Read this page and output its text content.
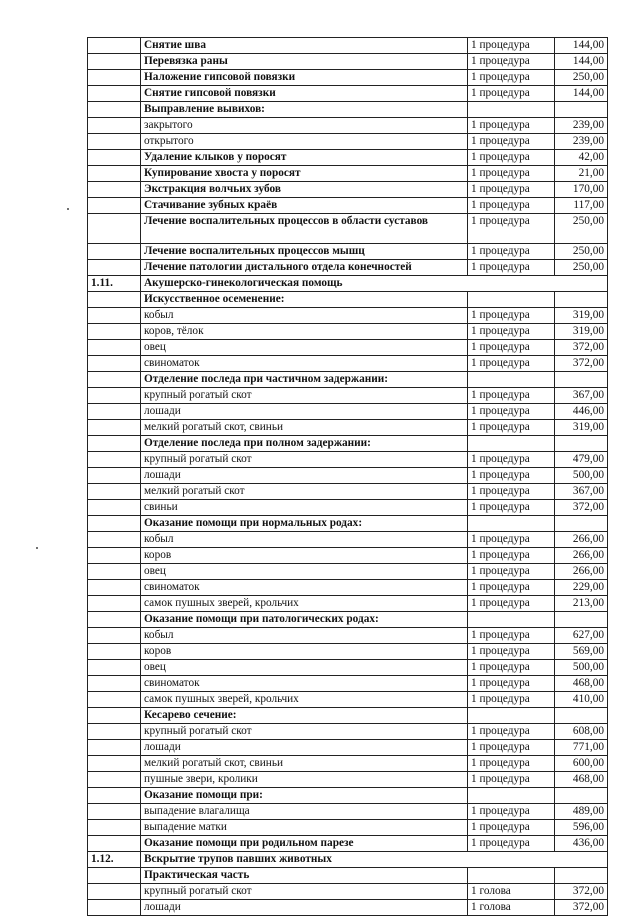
	Снятие шва	1 процедура	144,00
	Перевязка раны	1 процедура	144,00
	Наложение гипсовой повязки	1 процедура	250,00
	Снятие гипсовой повязки	1 процедура	144,00
	Выправление вывихов:		
	закрытого	1 процедура	239,00
	открытого	1 процедура	239,00
	Удаление клыков у поросят	1 процедура	42,00
	Купирование хвоста у поросят	1 процедура	21,00
	Экстракция волчьих зубов	1 процедура	170,00
	Стачивание зубных краёв	1 процедура	117,00
	Лечение воспалительных процессов в области суставов	1 процедура	250,00
	Лечение воспалительных процессов мышц	1 процедура	250,00
	Лечение патологии дистального отдела конечностей	1 процедура	250,00
1.11.	Акушерско-гинекологическая помощь		
	Искусственное осеменение:		
	кобыл	1 процедура	319,00
	коров, тёлок	1 процедура	319,00
	овец	1 процедура	372,00
	свиноматок	1 процедура	372,00
	Отделение последа при частичном задержании:		
	крупный рогатый скот	1 процедура	367,00
	лошади	1 процедура	446,00
	мелкий рогатый скот, свиньи	1 процедура	319,00
	Отделение последа при полном задержании:		
	крупный рогатый скот	1 процедура	479,00
	лошади	1 процедура	500,00
	мелкий рогатый скот	1 процедура	367,00
	свиньи	1 процедура	372,00
	Оказание помощи при нормальных родах:		
	кобыл	1 процедура	266,00
	коров	1 процедура	266,00
	овец	1 процедура	266,00
	свиноматок	1 процедура	229,00
	самок пушных зверей, крольчих	1 процедура	213,00
	Оказание помощи при патологических родах:		
	кобыл	1 процедура	627,00
	коров	1 процедура	569,00
	овец	1 процедура	500,00
	свиноматок	1 процедура	468,00
	самок пушных зверей, крольчих	1 процедура	410,00
	Кесарево сечение:		
	крупный рогатый скот	1 процедура	608,00
	лошади	1 процедура	771,00
	мелкий рогатый скот, свиньи	1 процедура	600,00
	пушные звери, кролики	1 процедура	468,00
	Оказание помощи при:		
	выпадение влагалища	1 процедура	489,00
	выпадение матки	1 процедура	596,00
	Оказание помощи при родильном парезе	1 процедура	436,00
1.12.	Вскрытие трупов павших животных		
	Практическая часть		
	крупный рогатый скот	1 голова	372,00
	лошади	1 голова	372,00
